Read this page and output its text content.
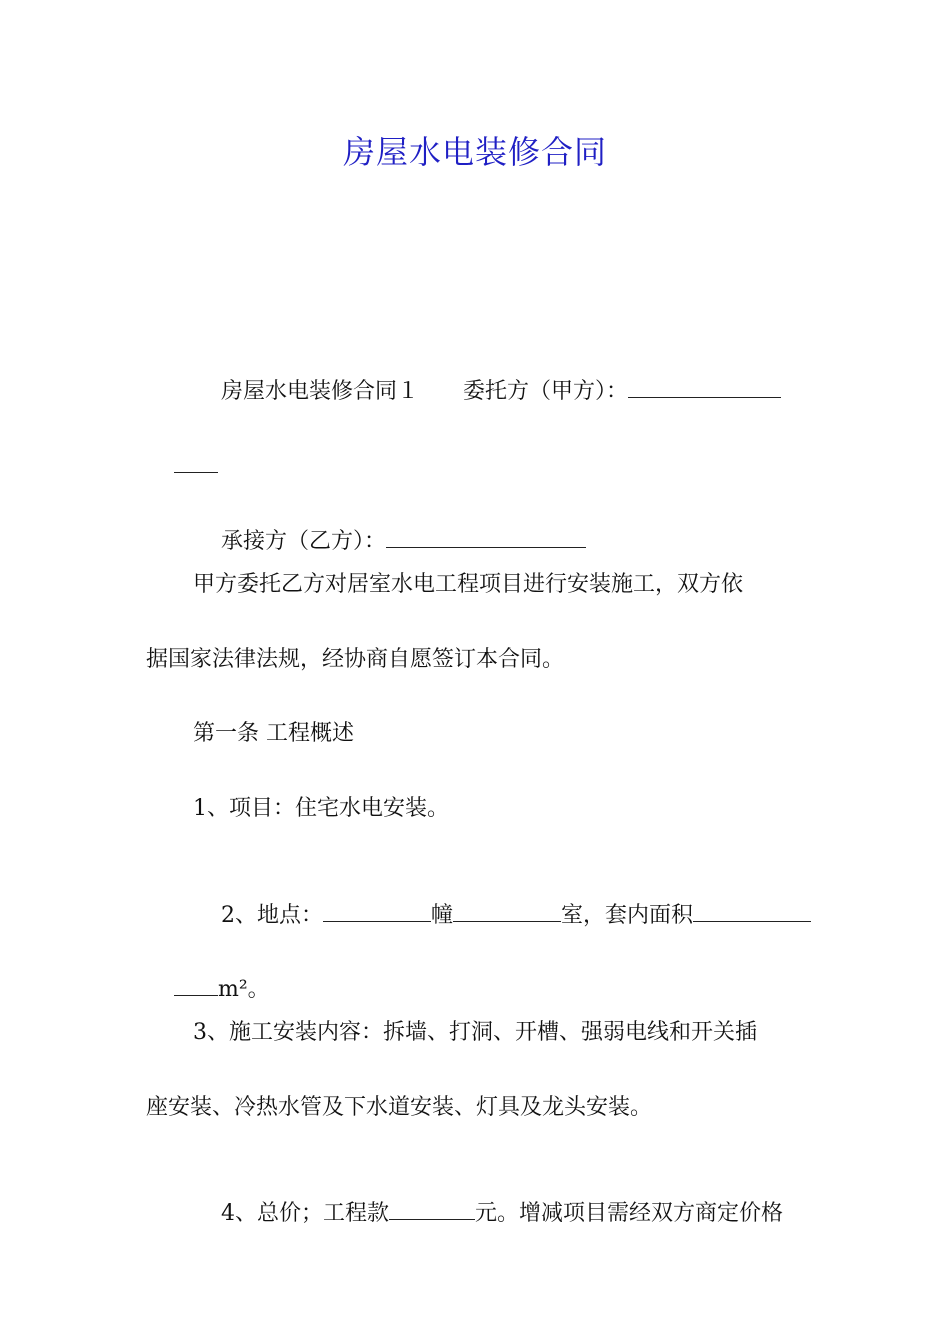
房屋水电装修合同

房屋水电装修合同１ 委托方（甲方）：

承接方（乙方）：

甲方委托乙方对居室水电工程项目进行安装施工，双方依
据国家法律法规，经协商自愿签订本合同。
第一条 工程概述
1、项目：住宅水电安装。

2、地点：	幢	室，套内面积

m²。

3、施工安装内容：拆墙、打洞、开槽、强弱电线和开关插
座安装、冷热水管及下水道安装、灯具及龙头安装。

4、总价；工程款	元。增减项目需经双方商定价格
